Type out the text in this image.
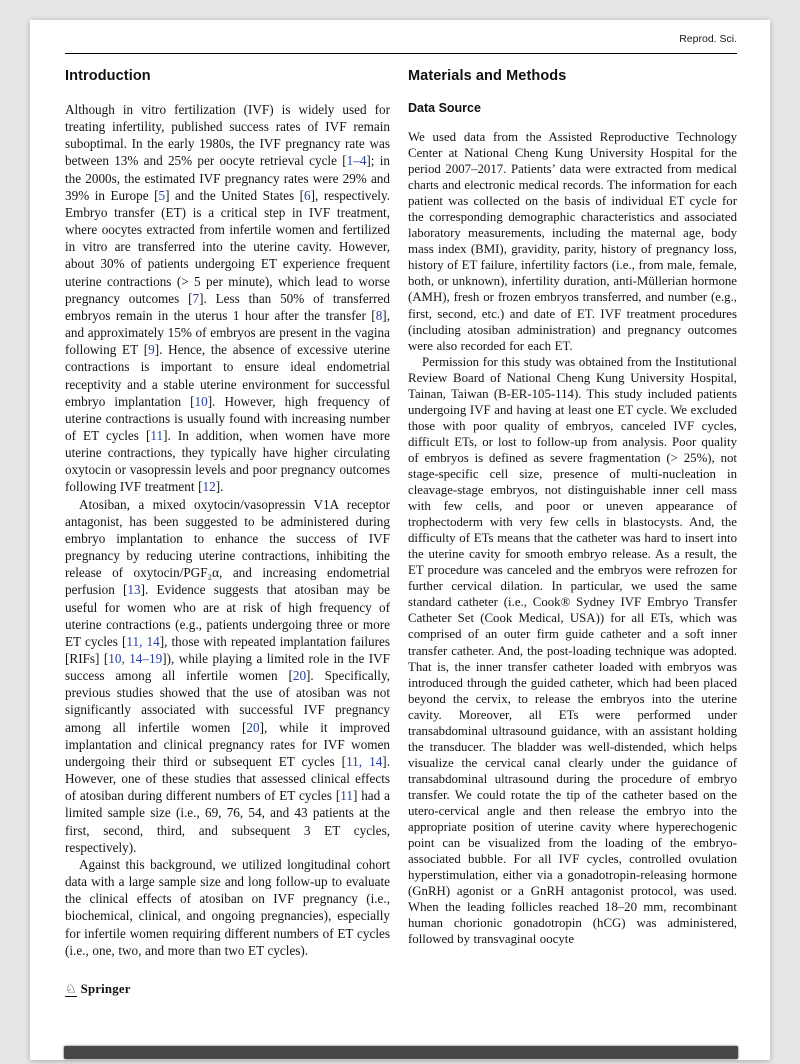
Reprod. Sci.
Introduction

Although in vitro fertilization (IVF) is widely used for treating infertility, published success rates of IVF remain suboptimal. In the early 1980s, the IVF pregnancy rate was between 13% and 25% per oocyte retrieval cycle [1–4]; in the 2000s, the estimated IVF pregnancy rates were 29% and 39% in Europe [5] and the United States [6], respectively. Embryo transfer (ET) is a critical step in IVF treatment, where oocytes extracted from infertile women and fertilized in vitro are transferred into the uterine cavity. However, about 30% of patients undergoing ET experience frequent uterine contractions (> 5 per minute), which lead to worse pregnancy outcomes [7]. Less than 50% of transferred embryos remain in the uterus 1 hour after the transfer [8], and approximately 15% of embryos are present in the vagina following ET [9]. Hence, the absence of excessive uterine contractions is important to ensure ideal endometrial receptivity and a stable uterine environment for successful embryo implantation [10]. However, high frequency of uterine contractions is usually found with increasing number of ET cycles [11]. In addition, when women have more uterine contractions, they typically have higher circulating oxytocin or vasopressin levels and poor pregnancy outcomes following IVF treatment [12].

Atosiban, a mixed oxytocin/vasopressin V1A receptor antagonist, has been suggested to be administered during embryo implantation to enhance the success of IVF pregnancy by reducing uterine contractions, inhibiting the release of oxytocin/PGF₂α, and increasing endometrial perfusion [13]. Evidence suggests that atosiban may be useful for women who are at risk of high frequency of uterine contractions (e.g., patients undergoing three or more ET cycles [11, 14], those with repeated implantation failures [RIFs] [10, 14–19]), while playing a limited role in the IVF success among all infertile women [20]. Specifically, previous studies showed that the use of atosiban was not significantly associated with successful IVF pregnancy among all infertile women [20], while it improved implantation and clinical pregnancy rates for IVF women undergoing their third or subsequent ET cycles [11, 14]. However, one of these studies that assessed clinical effects of atosiban during different numbers of ET cycles [11] had a limited sample size (i.e., 69, 76, 54, and 43 patients at the first, second, third, and subsequent 3 ET cycles, respectively).

Against this background, we utilized longitudinal cohort data with a large sample size and long follow-up to evaluate the clinical effects of atosiban on IVF pregnancy (i.e., biochemical, clinical, and ongoing pregnancies), especially for infertile women requiring different numbers of ET cycles (i.e., one, two, and more than two ET cycles).

Materials and Methods
Data Source

We used data from the Assisted Reproductive Technology Center at National Cheng Kung University Hospital for the period 2007–2017. Patients’ data were extracted from medical charts and electronic medical records. The information for each patient was collected on the basis of individual ET cycle for the corresponding demographic characteristics and associated laboratory measurements, including the maternal age, body mass index (BMI), gravidity, parity, history of pregnancy loss, history of ET failure, infertility factors (i.e., from male, female, both, or unknown), infertility duration, anti-Müllerian hormone (AMH), fresh or frozen embryos transferred, and number (e.g., first, second, etc.) and date of ET. IVF treatment procedures (including atosiban administration) and pregnancy outcomes were also recorded for each ET.

Permission for this study was obtained from the Institutional Review Board of National Cheng Kung University Hospital, Tainan, Taiwan (B-ER-105-114). This study included patients undergoing IVF and having at least one ET cycle. We excluded those with poor quality of embryos, canceled IVF cycles, difficult ETs, or lost to follow-up from analysis. Poor quality of embryos is defined as severe fragmentation (> 25%), not stage-specific cell size, presence of multi-nucleation in cleavage-stage embryos, not distinguishable inner cell mass with few cells, and poor or uneven appearance of trophectoderm with very few cells in blastocysts. And, the difficulty of ETs means that the catheter was hard to insert into the uterine cavity for smooth embryo release. As a result, the ET procedure was canceled and the embryos were refrozen for further cervical dilation. In particular, we used the same standard catheter (i.e., Cook® Sydney IVF Embryo Transfer Catheter Set (Cook Medical, USA)) for all ETs, which was comprised of an outer firm guide catheter and a soft inner transfer catheter. And, the post-loading technique was adopted. That is, the inner transfer catheter loaded with embryos was introduced through the guided catheter, which had been placed beyond the cervix, to release the embryos into the uterine cavity. Moreover, all ETs were performed under transabdominal ultrasound guidance, with an assistant holding the transducer. The bladder was well-distended, which helps visualize the cervical canal clearly under the guidance of transabdominal ultrasound during the procedure of embryo transfer. We could rotate the tip of the catheter based on the utero-cervical angle and then release the embryo into the appropriate position of uterine cavity where hyperechogenic point can be visualized from the loading of the embryo-associated bubble. For all IVF cycles, controlled ovulation hyperstimulation, either via a gonadotropin-releasing hormone (GnRH) agonist or a GnRH antagonist protocol, was used. When the leading follicles reached 18–20 mm, recombinant human chorionic gonadotropin (hCG) was administered, followed by transvaginal oocyte

♘ Springer
